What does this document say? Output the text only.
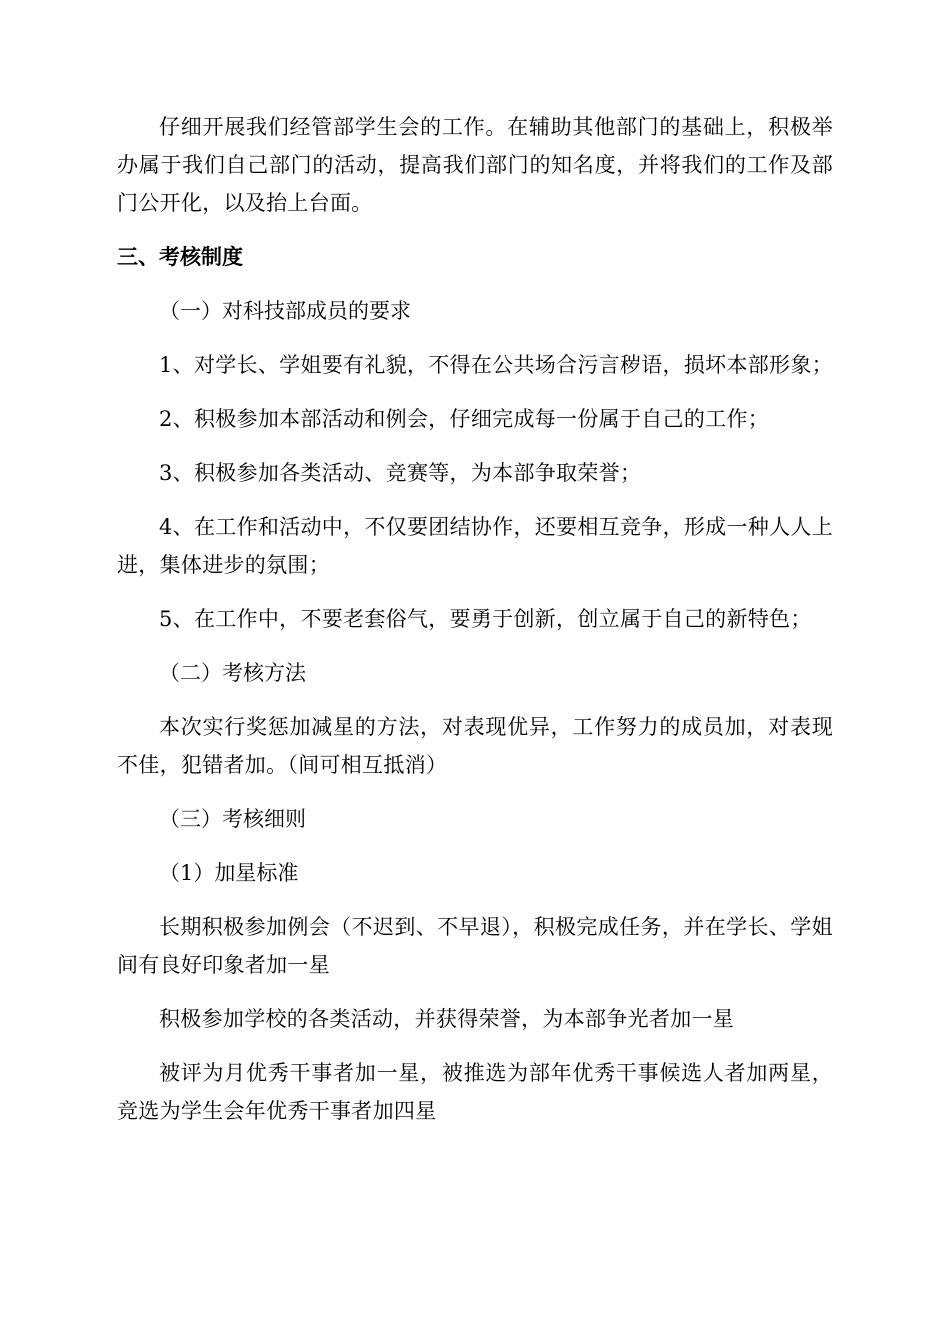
仔细开展我们经管部学生会的工作。在辅助其他部门的基础上，积极举办属于我们自己部门的活动，提高我们部门的知名度，并将我们的工作及部门公开化，以及抬上台面。

三、考核制度

（一）对科技部成员的要求

1、对学长、学姐要有礼貌，不得在公共场合污言秽语，损坏本部形象；

2、积极参加本部活动和例会，仔细完成每一份属于自己的工作；

3、积极参加各类活动、竞赛等，为本部争取荣誉；

4、在工作和活动中，不仅要团结协作，还要相互竞争，形成一种人人上进，集体进步的氛围；

5、在工作中，不要老套俗气，要勇于创新，创立属于自己的新特色；

（二）考核方法

本次实行奖惩加减星的方法，对表现优异，工作努力的成员加，对表现不佳，犯错者加。（间可相互抵消）

（三）考核细则

（1）加星标准

长期积极参加例会（不迟到、不早退），积极完成任务，并在学长、学姐间有良好印象者加一星

积极参加学校的各类活动，并获得荣誉，为本部争光者加一星

被评为月优秀干事者加一星，被推选为部年优秀干事候选人者加两星，竞选为学生会年优秀干事者加四星
